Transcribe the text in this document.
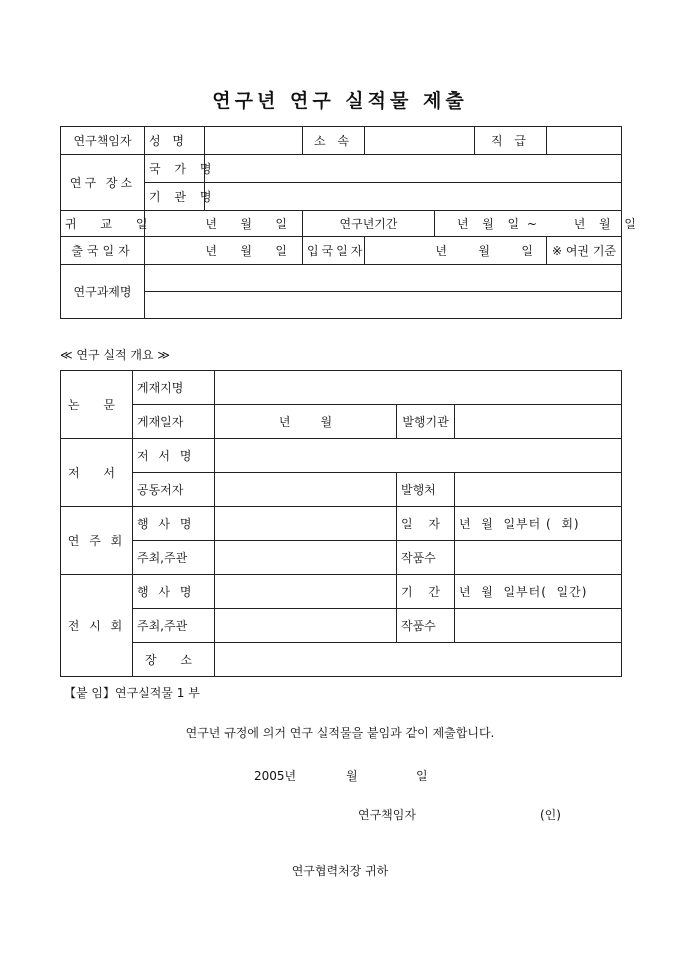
연구년 연구 실적물 제출
연구책임자	성 명		소 속			직 급	
연구 장소	국 가 명						
	기 관 명						
귀 교 일	년   월   일		연구년기간		년  월  일 ~      년  월  일		
출국일자	년   월   일		입국일자	년   월   일			※ 여권 기준
연구과제명							

≪ 연구 실적 개요 ≫
논 문	게재지명			
	게재일자	년 월	발행기관	
저 서	저 서 명			
	공동저자		발행처	
연 주 회	행 사 명		일 자	년  월  일부터 (  회)
	주최,주관		작품수	
전 시 회	행 사 명		기 간	년  월  일부터(  일간)
	주최,주관		작품수	
	장 소			
【붙 임】연구실적물 1 부
연구년 규정에 의거 연구 실적물을 붙임과 같이 제출합니다.
2005년	월	일
연구책임자	(인)
연구협력처장 귀하
